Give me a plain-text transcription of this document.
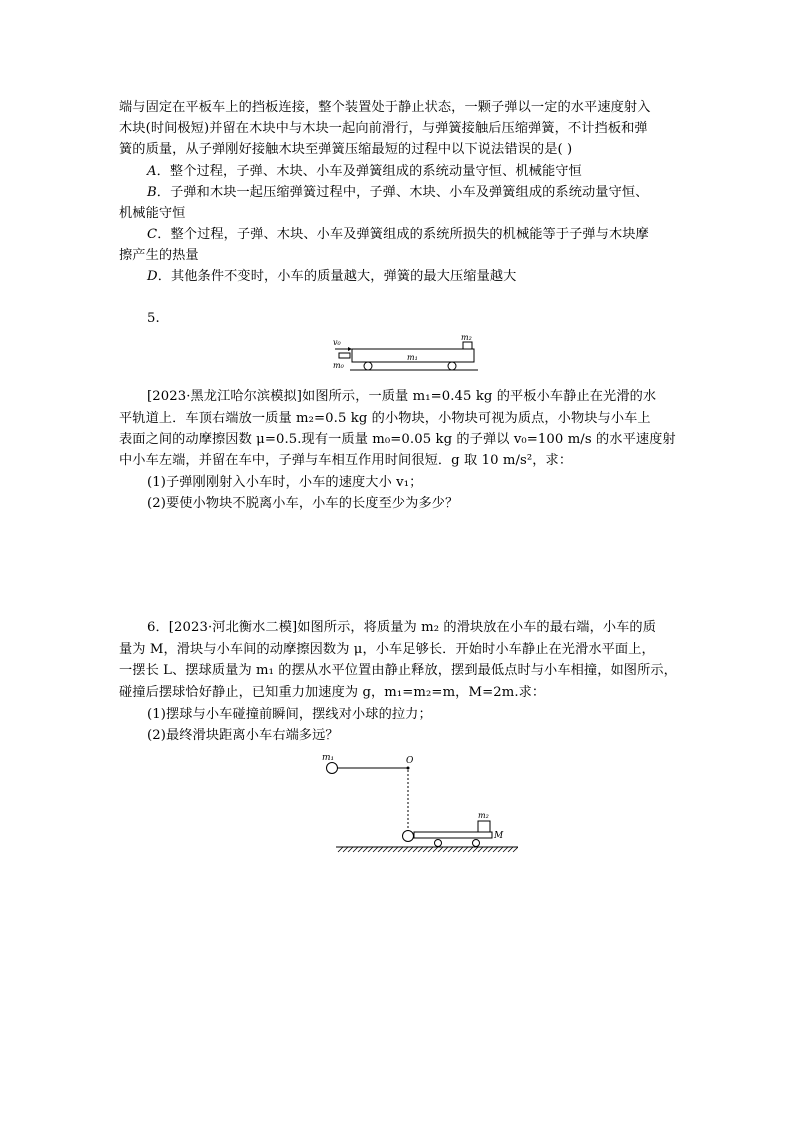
端与固定在平板车上的挡板连接，整个装置处于静止状态，一颗子弹以一定的水平速度射入
木块(时间极短)并留在木块中与木块一起向前滑行，与弹簧接触后压缩弹簧，不计挡板和弹
簧的质量，从子弹刚好接触木块至弹簧压缩最短的过程中以下说法错误的是( )
A．整个过程，子弹、木块、小车及弹簧组成的系统动量守恒、机械能守恒
B．子弹和木块一起压缩弹簧过程中，子弹、木块、小车及弹簧组成的系统动量守恒、
机械能守恒
C．整个过程，子弹、木块、小车及弹簧组成的系统所损失的机械能等于子弹与木块摩
擦产生的热量
D．其他条件不变时，小车的质量越大，弹簧的最大压缩量越大
5.
v₀
m₀
m₁
m₂
[2023·黑龙江哈尔滨模拟]如图所示，一质量 m₁=0.45 kg 的平板小车静止在光滑的水
平轨道上．车顶右端放一质量 m₂=0.5 kg 的小物块，小物块可视为质点，小物块与小车上
表面之间的动摩擦因数 μ=0.5.现有一质量 m₀=0.05 kg 的子弹以 v₀=100 m/s 的水平速度射
中小车左端，并留在车中，子弹与车相互作用时间很短．g 取 10 m/s²，求：
(1)子弹刚刚射入小车时，小车的速度大小 v₁；
(2)要使小物块不脱离小车，小车的长度至少为多少？
6．[2023·河北衡水二模]如图所示，将质量为 m₂ 的滑块放在小车的最右端，小车的质
量为 M，滑块与小车间的动摩擦因数为 μ，小车足够长．开始时小车静止在光滑水平面上，
一摆长 L、摆球质量为 m₁ 的摆从水平位置由静止释放，摆到最低点时与小车相撞，如图所示，
碰撞后摆球恰好静止，已知重力加速度为 g，m₁=m₂=m，M=2m.求：
(1)摆球与小车碰撞前瞬间，摆线对小球的拉力；
(2)最终滑块距离小车右端多远？
m₁	O
m₂
M
